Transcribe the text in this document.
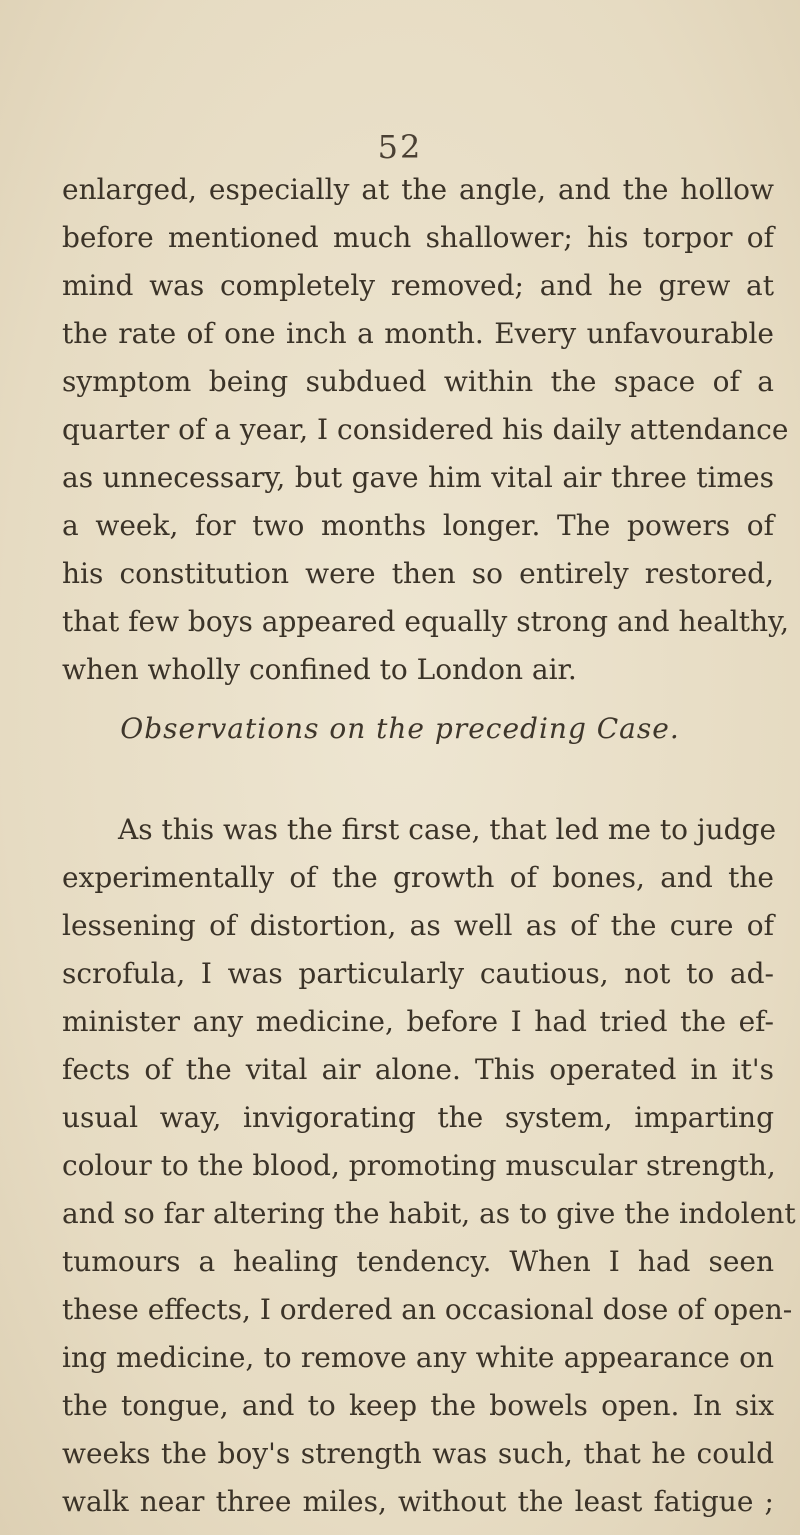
52
enlarged, especially at the angle, and the hollow
before mentioned much shallower; his torpor of
mind was completely removed; and he grew at
the rate of one inch a month. Every unfavourable
symptom being subdued within the space of a
quarter of a year, I considered his daily attendance
as unnecessary, but gave him vital air three times
a week, for two months longer. The powers of
his constitution were then so entirely restored,
that few boys appeared equally strong and healthy,
when wholly confined to London air.
Observations on the preceding Case.
As this was the first case, that led me to judge
experimentally of the growth of bones, and the
lessening of distortion, as well as of the cure of
scrofula, I was particularly cautious, not to ad-
minister any medicine, before I had tried the ef-
fects of the vital air alone. This operated in it's
usual way, invigorating the system, imparting
colour to the blood, promoting muscular strength,
and so far altering the habit, as to give the indolent
tumours a healing tendency. When I had seen
these effects, I ordered an occasional dose of open-
ing medicine, to remove any white appearance on
the tongue, and to keep the bowels open. In six
weeks the boy's strength was such, that he could
walk near three miles, without the least fatigue ;
